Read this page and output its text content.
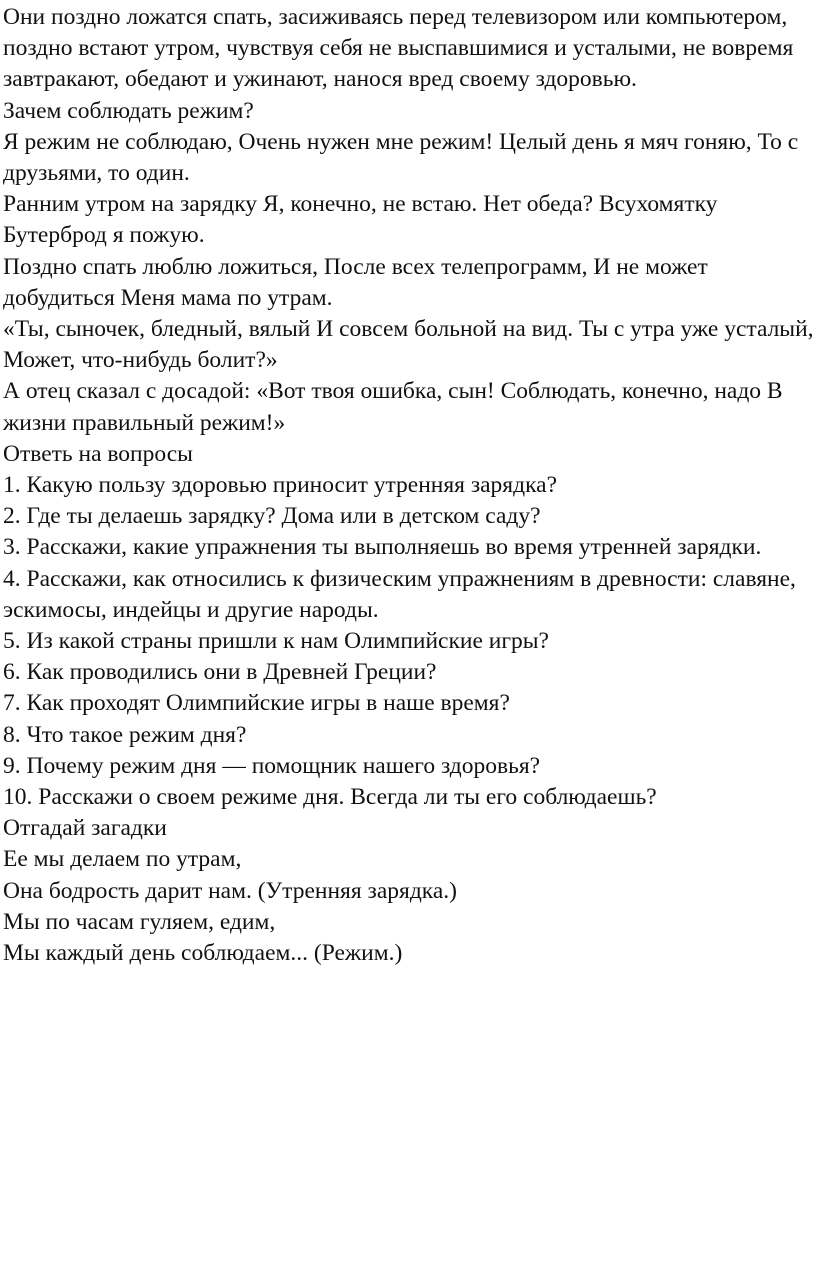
Они поздно ложатся спать, засиживаясь перед телевизором или компьютером, поздно встают утром, чувствуя себя не выспавшимися и усталыми, не вовремя завтракают, обедают и ужинают, нанося вред своему здоровью.

Зачем соблюдать режим?

Я режим не соблюдаю, Очень нужен мне режим! Целый день я мяч гоняю, То с друзьями, то один.

Ранним утром на зарядку Я, конечно, не встаю. Нет обеда? Всухомятку Бутерброд я пожую.

Поздно спать люблю ложиться, После всех телепрограмм, И не может добудиться Меня мама по утрам.

«Ты, сыночек, бледный, вялый И совсем больной на вид. Ты с утра уже усталый, Может, что-нибудь болит?»

А отец сказал с досадой: «Вот твоя ошибка, сын! Соблюдать, конечно, надо В жизни правильный режим!»

Ответь на вопросы

1. Какую пользу здоровью приносит утренняя зарядка?

2. Где ты делаешь зарядку? Дома или в детском саду?

3. Расскажи, какие упражнения ты выполняешь во время утренней зарядки.

4. Расскажи, как относились к физическим упражнениям в древности: славяне, эскимосы, индейцы и другие народы.

5. Из какой страны пришли к нам Олимпийские игры?

6. Как проводились они в Древней Греции?

7. Как проходят Олимпийские игры в наше время?

8. Что такое режим дня?

9. Почему режим дня — помощник нашего здоровья?

10. Расскажи о своем режиме дня. Всегда ли ты его соблюдаешь?

Отгадай загадки

Ее мы делаем по утрам,

Она бодрость дарит нам. (Утренняя зарядка.)

Мы по часам гуляем, едим,

Мы каждый день соблюдаем... (Режим.)
